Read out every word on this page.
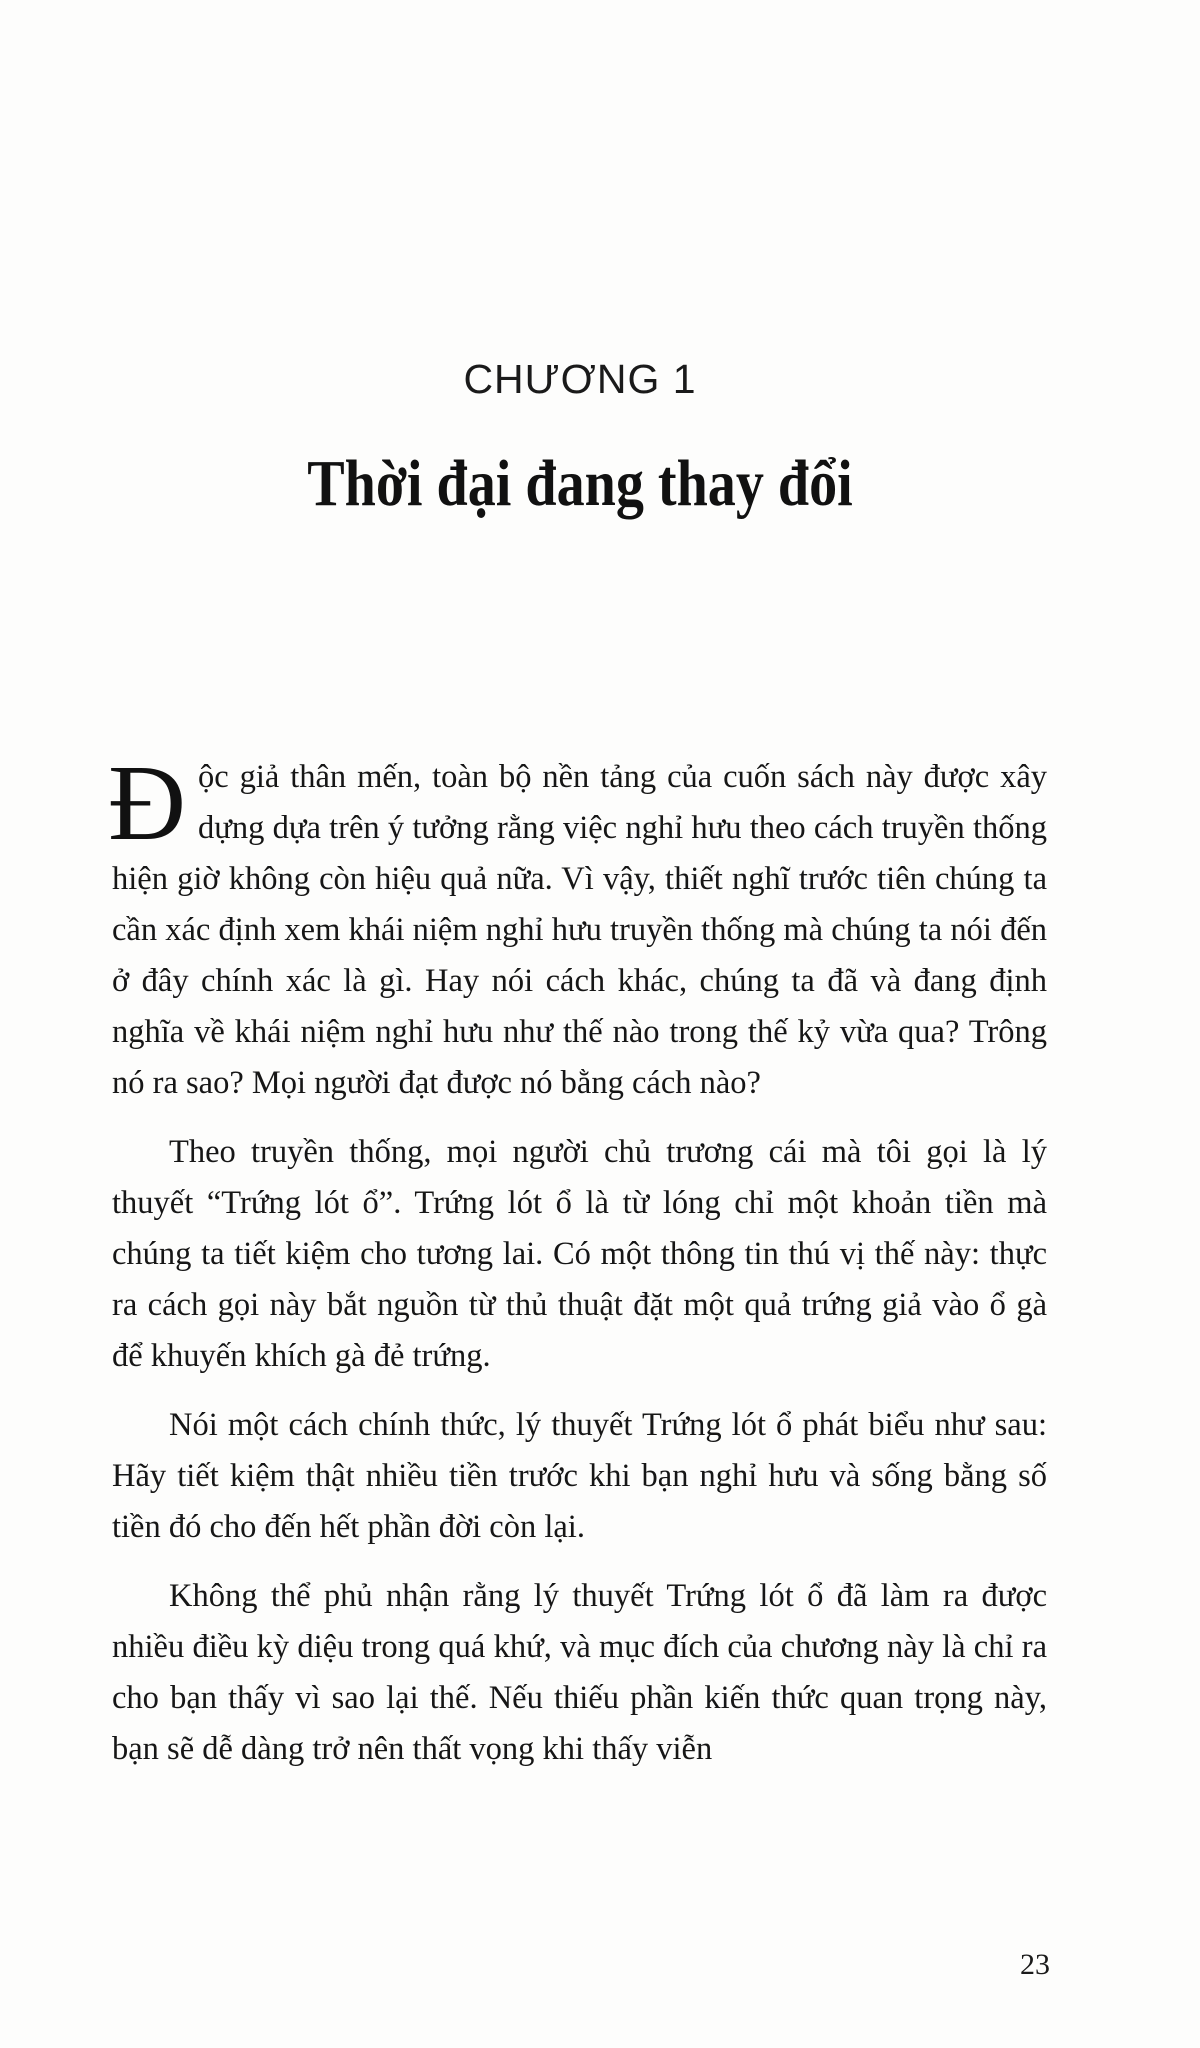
CHƯƠNG 1
Thời đại đang thay đổi

Độc giả thân mến, toàn bộ nền tảng của cuốn sách này được xây dựng dựa trên ý tưởng rằng việc nghỉ hưu theo cách truyền thống hiện giờ không còn hiệu quả nữa. Vì vậy, thiết nghĩ trước tiên chúng ta cần xác định xem khái niệm nghỉ hưu truyền thống mà chúng ta nói đến ở đây chính xác là gì. Hay nói cách khác, chúng ta đã và đang định nghĩa về khái niệm nghỉ hưu như thế nào trong thế kỷ vừa qua? Trông nó ra sao? Mọi người đạt được nó bằng cách nào?

Theo truyền thống, mọi người chủ trương cái mà tôi gọi là lý thuyết “Trứng lót ổ”. Trứng lót ổ là từ lóng chỉ một khoản tiền mà chúng ta tiết kiệm cho tương lai. Có một thông tin thú vị thế này: thực ra cách gọi này bắt nguồn từ thủ thuật đặt một quả trứng giả vào ổ gà để khuyến khích gà đẻ trứng.

Nói một cách chính thức, lý thuyết Trứng lót ổ phát biểu như sau: Hãy tiết kiệm thật nhiều tiền trước khi bạn nghỉ hưu và sống bằng số tiền đó cho đến hết phần đời còn lại.

Không thể phủ nhận rằng lý thuyết Trứng lót ổ đã làm ra được nhiều điều kỳ diệu trong quá khứ, và mục đích của chương này là chỉ ra cho bạn thấy vì sao lại thế. Nếu thiếu phần kiến thức quan trọng này, bạn sẽ dễ dàng trở nên thất vọng khi thấy viễn

23
